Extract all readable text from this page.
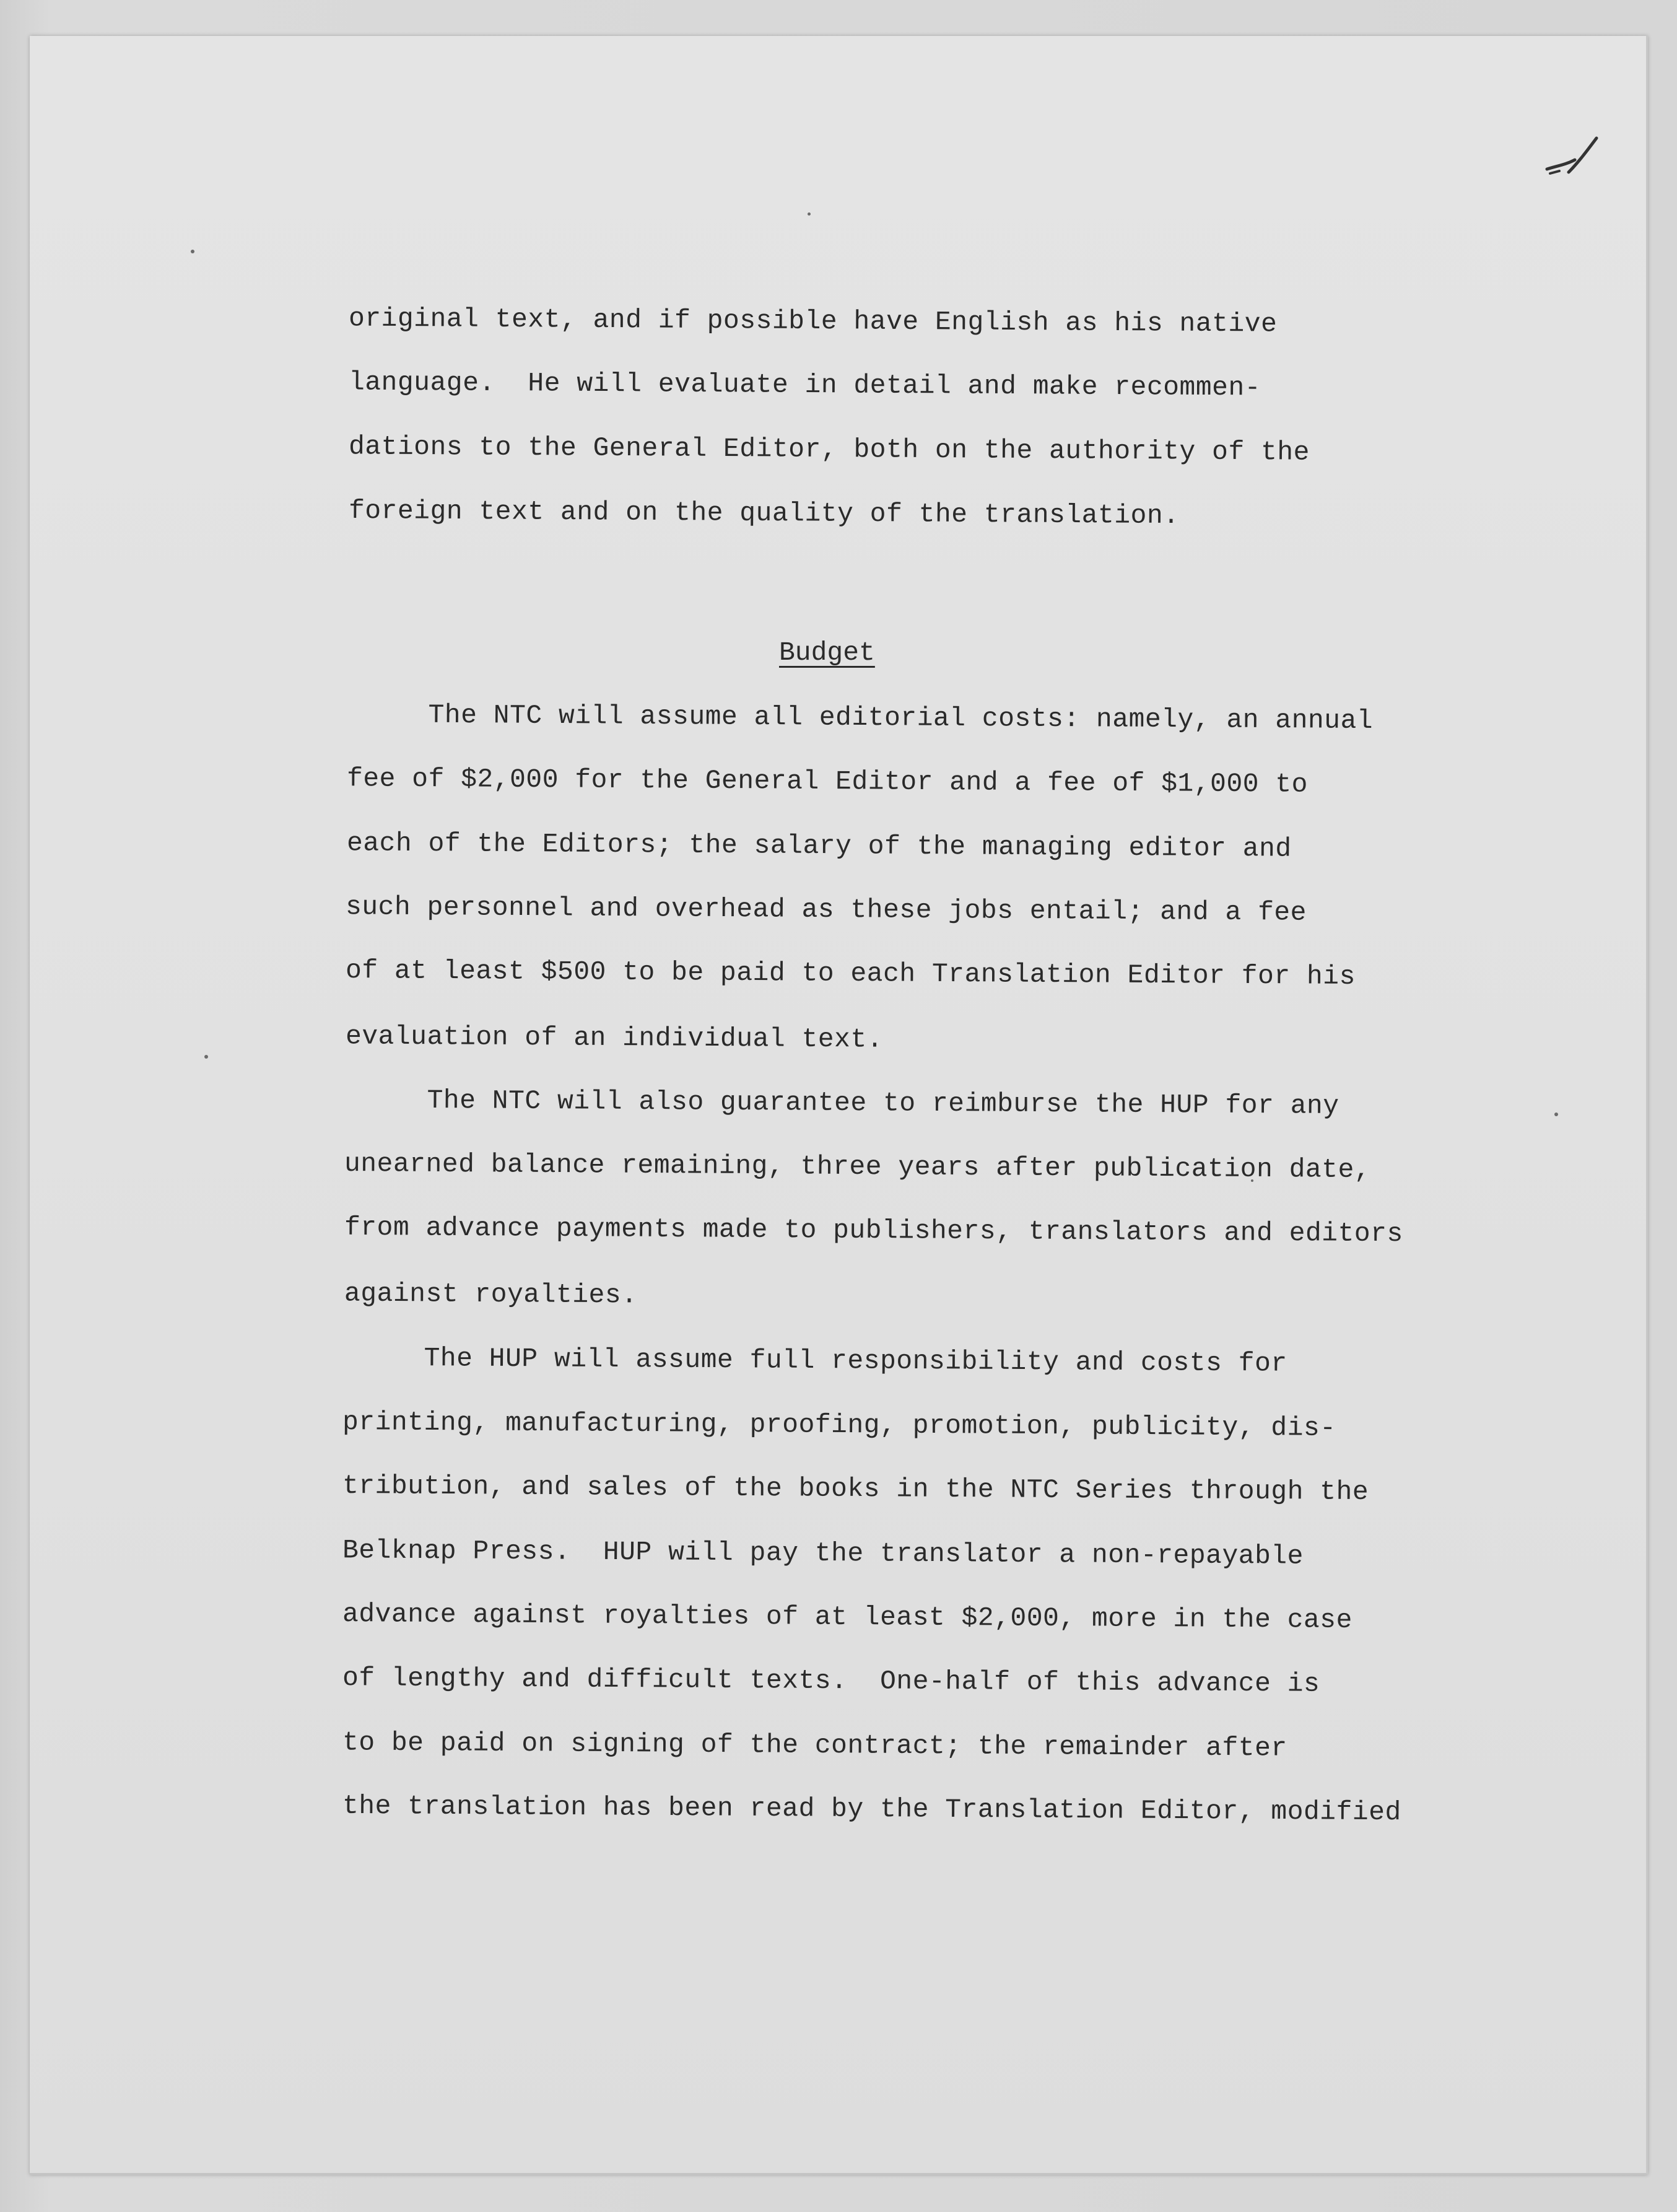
original text, and if possible have English as his native
language.  He will evaluate in detail and make recommen-
dations to the General Editor, both on the authority of the
foreign text and on the quality of the translation.
Budget
The NTC will assume all editorial costs: namely, an annual
fee of $2,000 for the General Editor and a fee of $1,000 to
each of the Editors; the salary of the managing editor and
such personnel and overhead as these jobs entail; and a fee
of at least $500 to be paid to each Translation Editor for his
evaluation of an individual text.
The NTC will also guarantee to reimburse the HUP for any
unearned balance remaining, three years after publication date,
from advance payments made to publishers, translators and editors
against royalties.
The HUP will assume full responsibility and costs for
printing, manufacturing, proofing, promotion, publicity, dis-
tribution, and sales of the books in the NTC Series through the
Belknap Press.  HUP will pay the translator a non-repayable
advance against royalties of at least $2,000, more in the case
of lengthy and difficult texts.  One-half of this advance is
to be paid on signing of the contract; the remainder after
the translation has been read by the Translation Editor, modified
